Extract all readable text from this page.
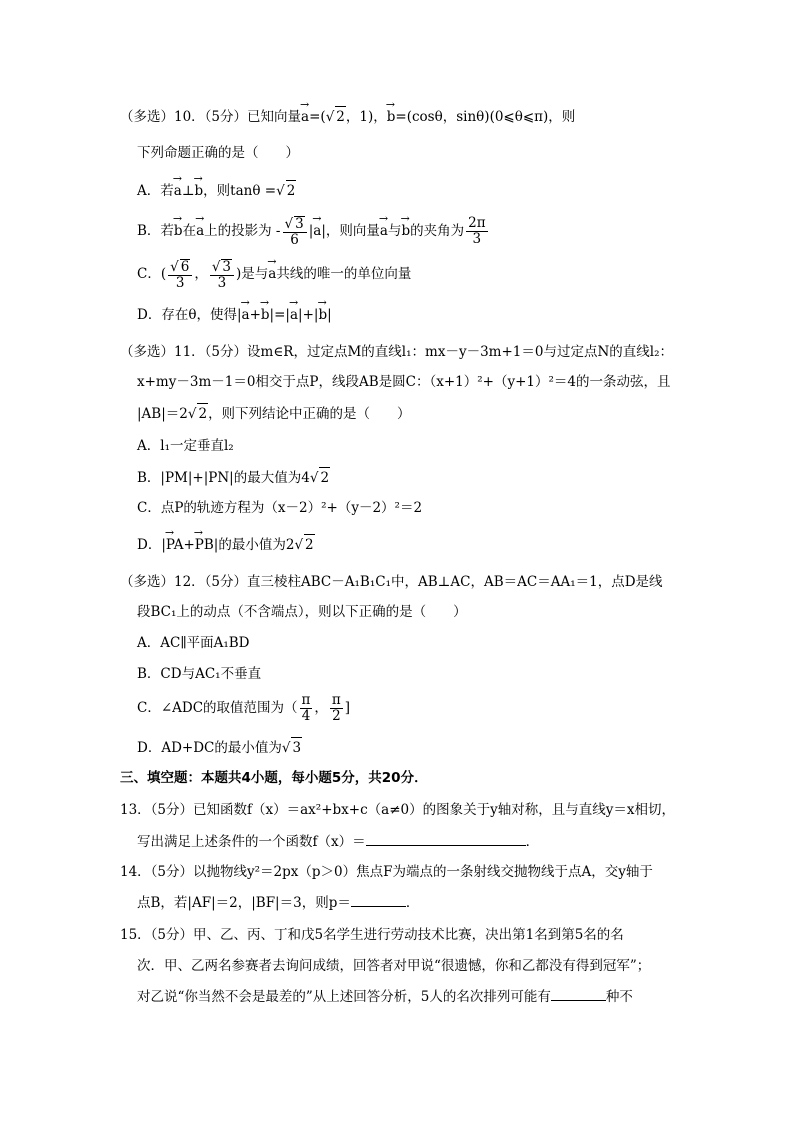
（多选）10．（5分）已知向量→ a=(√ 2，1)，→ b=(cosθ，sinθ)(0⩽θ⩽π)，则
下列命题正确的是（　　）
A．若→ a⊥→ b，则tanθ =√ 2
B．若→ b在→ a上的投影为 - $\frac{√ 3}{6}$ |→ a|，则向量→ a与→ b的夹角为 $\frac{2\pi}{3}$
C．( $\frac{√ 6}{3}$ ， $\frac{√ 3}{3}$ )是与→ a共线的唯一的单位向量
D．存在θ，使得|→ a+→ b|=|→ a|+|→ b|
（多选）11．（5分）设m∈R，过定点M的直线l₁：mx－y－3m+1＝0与过定点N的直线l₂：
x+my－3m－1＝0相交于点P，线段AB是圆C：（x+1）²+（y+1）²＝4的一条动弦，且
|AB|＝2√ 2，则下列结论中正确的是（　　）
A．l₁一定垂直l₂
B．|PM|+|PN|的最大值为4√ 2
C．点P的轨迹方程为（x－2）²+（y－2）²＝2
D．|→ PA+→ PB|的最小值为2√ 2
（多选）12．（5分）直三棱柱ABC－A₁B₁C₁中，AB⊥AC，AB＝AC＝AA₁＝1，点D是线
段BC₁上的动点（不含端点），则以下正确的是（　　）
A．AC∥平面A₁BD
B．CD与AC₁不垂直
C．∠ADC的取值范围为（ $\frac{\pi}{4}$ ， $\frac{\pi}{2}$ ]
D．AD+DC的最小值为√ 3
三、填空题：本题共4小题，每小题5分，共20分．
13．（5分）已知函数f（x）＝ax²+bx+c（a≠0）的图象关于y轴对称，且与直线y＝x相切，
写出满足上述条件的一个函数f（x）＝	．
14．（5分）以抛物线y²＝2px（p＞0）焦点F为端点的一条射线交抛物线于点A，交y轴于
点B，若|AF|＝2，|BF|＝3，则p＝	．
15．（5分）甲、乙、丙、丁和戊5名学生进行劳动技术比赛，决出第1名到第5名的名
次．甲、乙两名参赛者去询问成绩，回答者对甲说“很遗憾，你和乙都没有得到冠军”；
对乙说“你当然不会是最差的”从上述回答分析，5人的名次排列可能有	种不
